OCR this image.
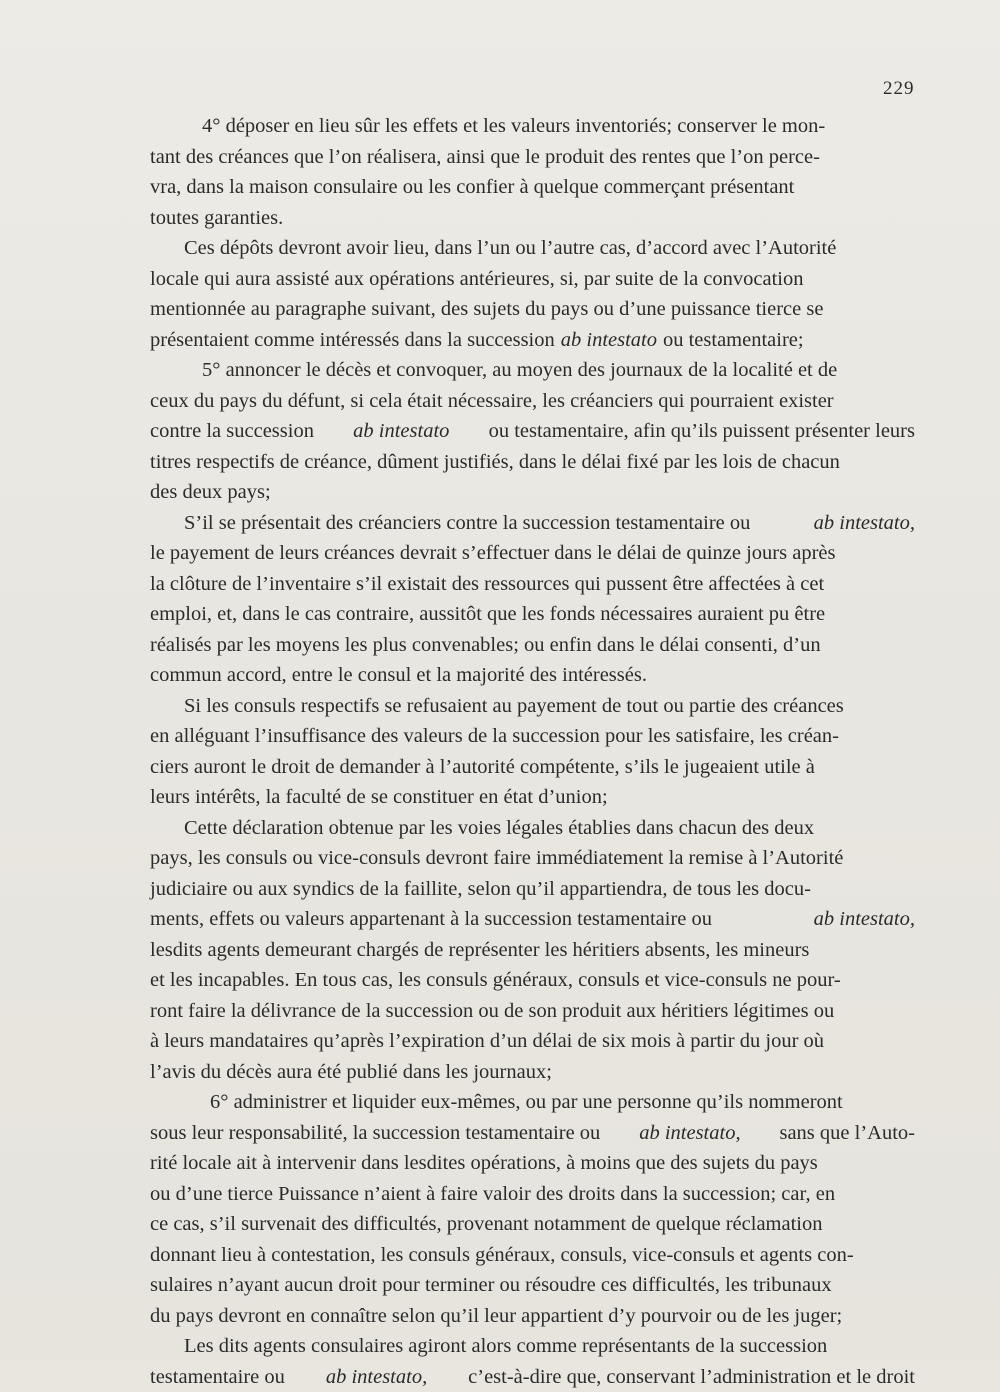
229
4° déposer en lieu sûr les effets et les valeurs inventoriés; conserver le mon-
tant des créances que l’on réalisera, ainsi que le produit des rentes que l’on perce-
vra, dans la maison consulaire ou les confier à quelque commerçant présentant
toutes garanties.
Ces dépôts devront avoir lieu, dans l’un ou l’autre cas, d’accord avec l’Autorité
locale qui aura assisté aux opérations antérieures, si, par suite de la convocation
mentionnée au paragraphe suivant, des sujets du pays ou d’une puissance tierce se
présentaient comme intéressés dans la succession ab intestato ou testamentaire;
5° annoncer le décès et convoquer, au moyen des journaux de la localité et de
ceux du pays du défunt, si cela était nécessaire, les créanciers qui pourraient exister
contre la succession ab intestato ou testamentaire, afin qu’ils puissent présenter leurs
titres respectifs de créance, dûment justifiés, dans le délai fixé par les lois de chacun
des deux pays;
S’il se présentait des créanciers contre la succession testamentaire ou	ab intestato,
le payement de leurs créances devrait s’effectuer dans le délai de quinze jours après
la clôture de l’inventaire s’il existait des ressources qui pussent être affectées à cet
emploi, et, dans le cas contraire, aussitôt que les fonds nécessaires auraient pu être
réalisés par les moyens les plus convenables; ou enfin dans le délai consenti, d’un
commun accord, entre le consul et la majorité des intéressés.
Si les consuls respectifs se refusaient au payement de tout ou partie des créances
en alléguant l’insuffisance des valeurs de la succession pour les satisfaire, les créan-
ciers auront le droit de demander à l’autorité compétente, s’ils le jugeaient utile à
leurs intérêts, la faculté de se constituer en état d’union;
Cette déclaration obtenue par les voies légales établies dans chacun des deux
pays, les consuls ou vice-consuls devront faire immédiatement la remise à l’Autorité
judiciaire ou aux syndics de la faillite, selon qu’il appartiendra, de tous les docu-
ments, effets ou valeurs appartenant à la succession testamentaire ou	ab intestato,
lesdits agents demeurant chargés de représenter les héritiers absents, les mineurs
et les incapables. En tous cas, les consuls généraux, consuls et vice-consuls ne pour-
ront faire la délivrance de la succession ou de son produit aux héritiers légitimes ou
à leurs mandataires qu’après l’expiration d’un délai de six mois à partir du jour où
l’avis du décès aura été publié dans les journaux;
6° administrer et liquider eux-mêmes, ou par une personne qu’ils nommeront
sous leur responsabilité, la succession testamentaire ou ab intestato, sans que l’Auto-
rité locale ait à intervenir dans lesdites opérations, à moins que des sujets du pays
ou d’une tierce Puissance n’aient à faire valoir des droits dans la succession; car, en
ce cas, s’il survenait des difficultés, provenant notamment de quelque réclamation
donnant lieu à contestation, les consuls généraux, consuls, vice-consuls et agents con-
sulaires n’ayant aucun droit pour terminer ou résoudre ces difficultés, les tribunaux
du pays devront en connaître selon qu’il leur appartient d’y pourvoir ou de les juger;
Les dits agents consulaires agiront alors comme représentants de la succession
testamentaire ou ab intestato, c’est-à-dire que, conservant l’administration et le droit
